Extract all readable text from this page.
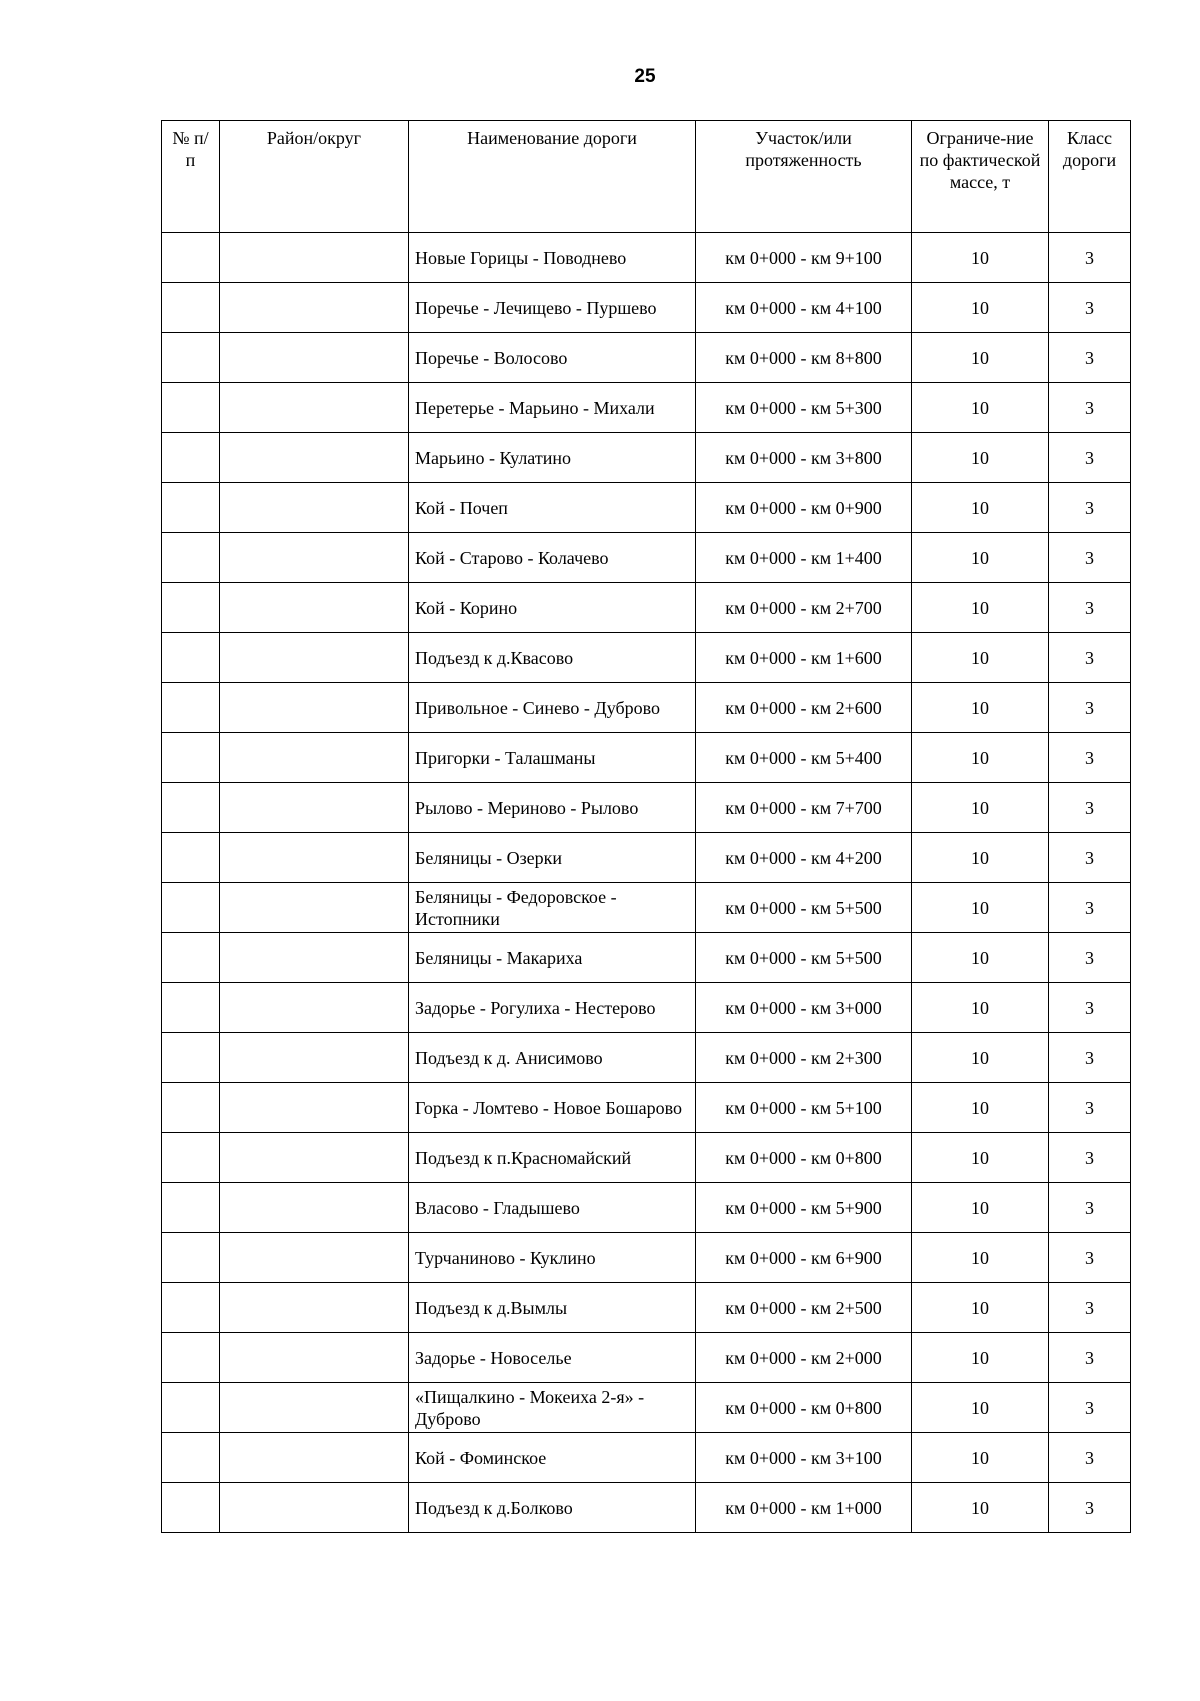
25
№ п/п	Район/округ	Наименование дороги	Участок/или протяженность	Ограниче-ние по фактической массе, т	Класс дороги
		Новые Горицы - Поводнево	км 0+000 - км 9+100	10	3
		Поречье - Лечищево - Пуршево	км 0+000 - км 4+100	10	3
		Поречье - Волосово	км 0+000 - км 8+800	10	3
		Перетерье - Марьино - Михали	км 0+000 - км 5+300	10	3
		Марьино - Кулатино	км 0+000 - км 3+800	10	3
		Кой - Почеп	км 0+000 - км 0+900	10	3
		Кой - Старово - Колачево	км 0+000 - км 1+400	10	3
		Кой - Корино	км 0+000 - км 2+700	10	3
		Подъезд к д.Квасово	км 0+000 - км 1+600	10	3
		Привольное - Синево - Дуброво	км 0+000 - км 2+600	10	3
		Пригорки - Талашманы	км 0+000 - км 5+400	10	3
		Рылово - Мериново - Рылово	км 0+000 - км 7+700	10	3
		Беляницы - Озерки	км 0+000 - км 4+200	10	3
		Беляницы - Федоровское - Истопники	км 0+000 - км 5+500	10	3
		Беляницы - Макариха	км 0+000 - км 5+500	10	3
		Задорье - Рогулиха - Нестерово	км 0+000 - км 3+000	10	3
		Подъезд к д. Анисимово	км 0+000 - км 2+300	10	3
		Горка - Ломтево - Новое Бошарово	км 0+000 - км 5+100	10	3
		Подъезд к п.Красномайский	км 0+000 - км 0+800	10	3
		Власово - Гладышево	км 0+000 - км 5+900	10	3
		Турчаниново - Куклино	км 0+000 - км 6+900	10	3
		Подъезд к д.Вымлы	км 0+000 - км 2+500	10	3
		Задорье - Новоселье	км 0+000 - км 2+000	10	3
		«Пищалкино - Мокеиха 2-я» - Дуброво	км 0+000 - км 0+800	10	3
		Кой - Фоминское	км 0+000 - км 3+100	10	3
		Подъезд к д.Болково	км 0+000 - км 1+000	10	3
